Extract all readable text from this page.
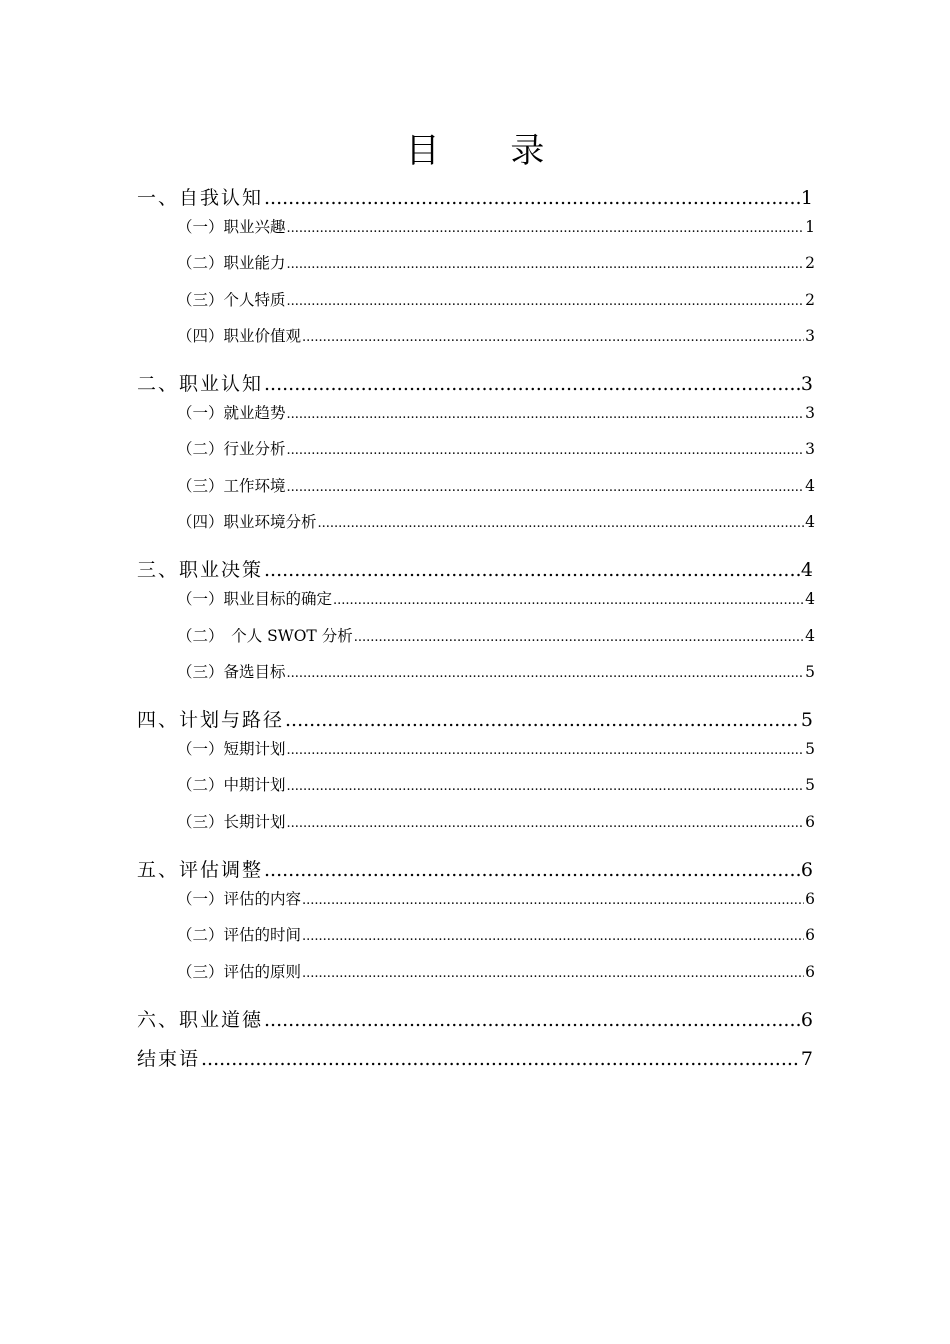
目 录
一、自我认知 .....	1
（一）职业兴趣 .....	1
（二）职业能力 .....	2
（三）个人特质 .....	2
（四）职业价值观 .....	3
二、职业认知 .....	3
（一）就业趋势 .....	3
（二）行业分析 .....	3
（三）工作环境 .....	4
（四）职业环境分析 .....	4
三、职业决策 .....	4
（一）职业目标的确定 .....	4
（二）　个人 SWOT 分析 .....	4
（三）备选目标 .....	5
四、计划与路径 .....	5
（一）短期计划 .....	5
（二）中期计划 .....	5
（三）长期计划 .....	6
五、评估调整 .....	6
（一）评估的内容 .....	6
（二）评估的时间 .....	6
（三）评估的原则 .....	6
六、职业道德 .....	6
结束语 .....	7
